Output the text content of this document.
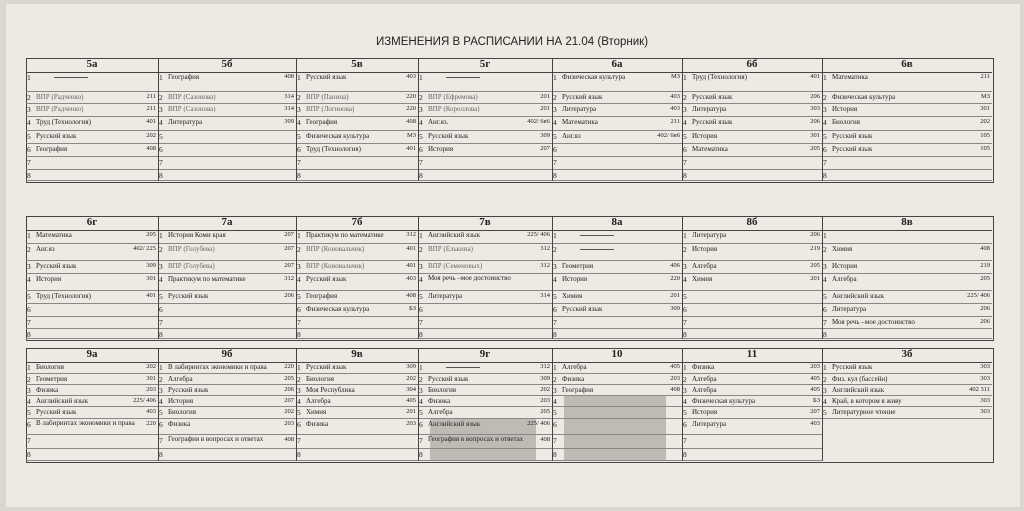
ИЗМЕНЕНИЯ В РАСПИСАНИИ НА 21.04 (Вторник)
5а
1
2 ВПР (Радченко)	211
3 ВПР (Радченко)	211
4 Труд (Технология)	401
5 Русский язык	202
6 География	408
7
8
5б
1 География	408
2 ВПР (Сазонова)	314
3 ВПР (Сазонова)	314
4 Литература	309
5
6
7
8
5в
1 Русский язык	403
2 ВПР (Панина)	220
3 ВПР (Логинова)	220
4 География	408
5 Физическая культура	МЗ
6 Труд (Технология)	401
7
8
5г
1
2 ВПР (Ефремова)	201
3 ВПР (Короллова)	201
4 Анг.яз.	402/ 6в6
5 Русский язык	309
6 История	207
7
8
6а
1 Физическая культура	МЗ
2 Русский язык	403
3 Литература	403
4 Математика	211
5 Анг.яз	402/ 6в6
6
7
8
6б
1 Труд (Технология)	401
2 Русский язык	206
3 Литература	303
4 Русский язык	206
5 История	301
6 Математика	205
7
8
6в
1 Математика	211
2 Физическая культура	МЗ
3 История	301
4 Биология	202
5 Русский язык	105
6 Русский язык	105
7
8
6г
1 Математика	205
2 Анг.яз	402/ 225
3 Русский язык	309
4 История	301
5 Труд (Технология)	401
6
7
8
7а
1 История Коми края	207
2 ВПР (Голубева)	207
3 ВПР (Голубева)	207
4 Практикум по математике	312
5 Русский язык	206
6
7
8
7б
1 Практикум по математике	312
2 ВПР (Коновальчик)	401
3 ВПР (Коновальчик)	401
4 Русский язык	403
5 География	408
6 Физическая культура	БЗ
7
8
7в
1 Английский язык	225/ 406
2 ВПР (Елькина)	312
3 ВПР (Семеновых)	312
4 Моя речь –мое достоинство
5 Литература	314
6
7
8
8а
1
2
3 Геометрия	406
4 История	220
5 Химия	201
6 Русский язык	309
7
8
8б
1 Литература	206
2 История	219
3 Алгебра	205
4 Химия	201
5
6
7
8
8в
1
2 Химия	408
3 История	219
4 Алгебра	205
5 Английский язык	225/ 406
6 Литература	206
7 Моя речь –мое достоинство	206
8
9а
1 Биология	202
2 Геометрия	301
3 Физика	203
4 Английский язык	225/ 406
5 Русский язык	403
6 В лабиринтах экономики и права	220
7
8
9б
1 В лабиринтах экономики и права	220
2 Алгебра	205
3 Русский язык	206
4 История	207
5 Биология	202
6 Физика	203
7 География в вопросах и ответах	408
8
9в
1 Русский язык	309
2 Биология	202
3 Моя Республика	304
4 Алгебра	405
5 Химия	201
6 Физика	203
7
8
9г
1	312
2 Русский язык	309
3 Биология	202
4 Физика	203
5 Алгебра	205
6 Английский язык	225/ 406
7 География в вопросах и ответах	408
8
10
1 Алгебра	405
2 Физика	203
3 География	408
4
5
6
7
8
11
1 Физика	203
2 Алгебра	405
3 Алгебра	405
4 Физическая культура	БЗ
5 История	207
6 Литература	403
7
8
3б
1 Русский язык	303
2 Физ. кул (бассейн)	303
3 Английский язык	402 311
4 Край, в котором я живу	303
5 Литературное чтение	303
